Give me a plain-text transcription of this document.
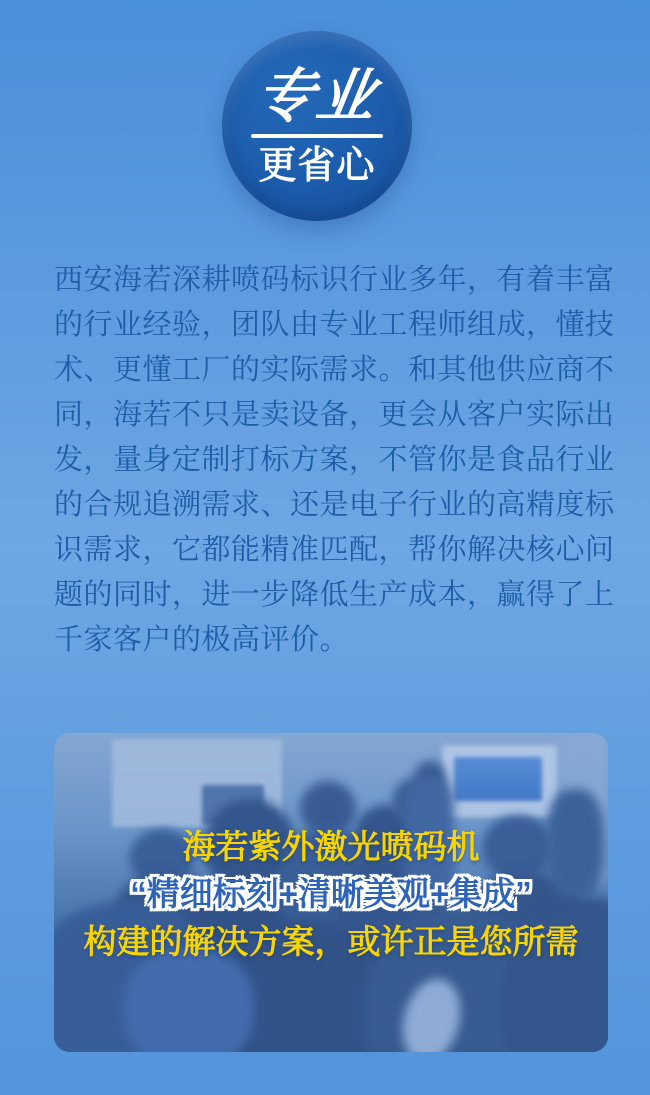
专业
更省心
西安海若深耕喷码标识行业多年，有着丰富
的行业经验，团队由专业工程师组成，懂技
术、更懂工厂的实际需求。和其他供应商不
同，海若不只是卖设备，更会从客户实际出
发，量身定制打标方案，不管你是食品行业
的合规追溯需求、还是电子行业的高精度标
识需求，它都能精准匹配，帮你解决核心问
题的同时，进一步降低生产成本，赢得了上
千家客户的极高评价。
海若紫外激光喷码机
“精细标刻+清晰美观+集成”
构建的解决方案，或许正是您所需
